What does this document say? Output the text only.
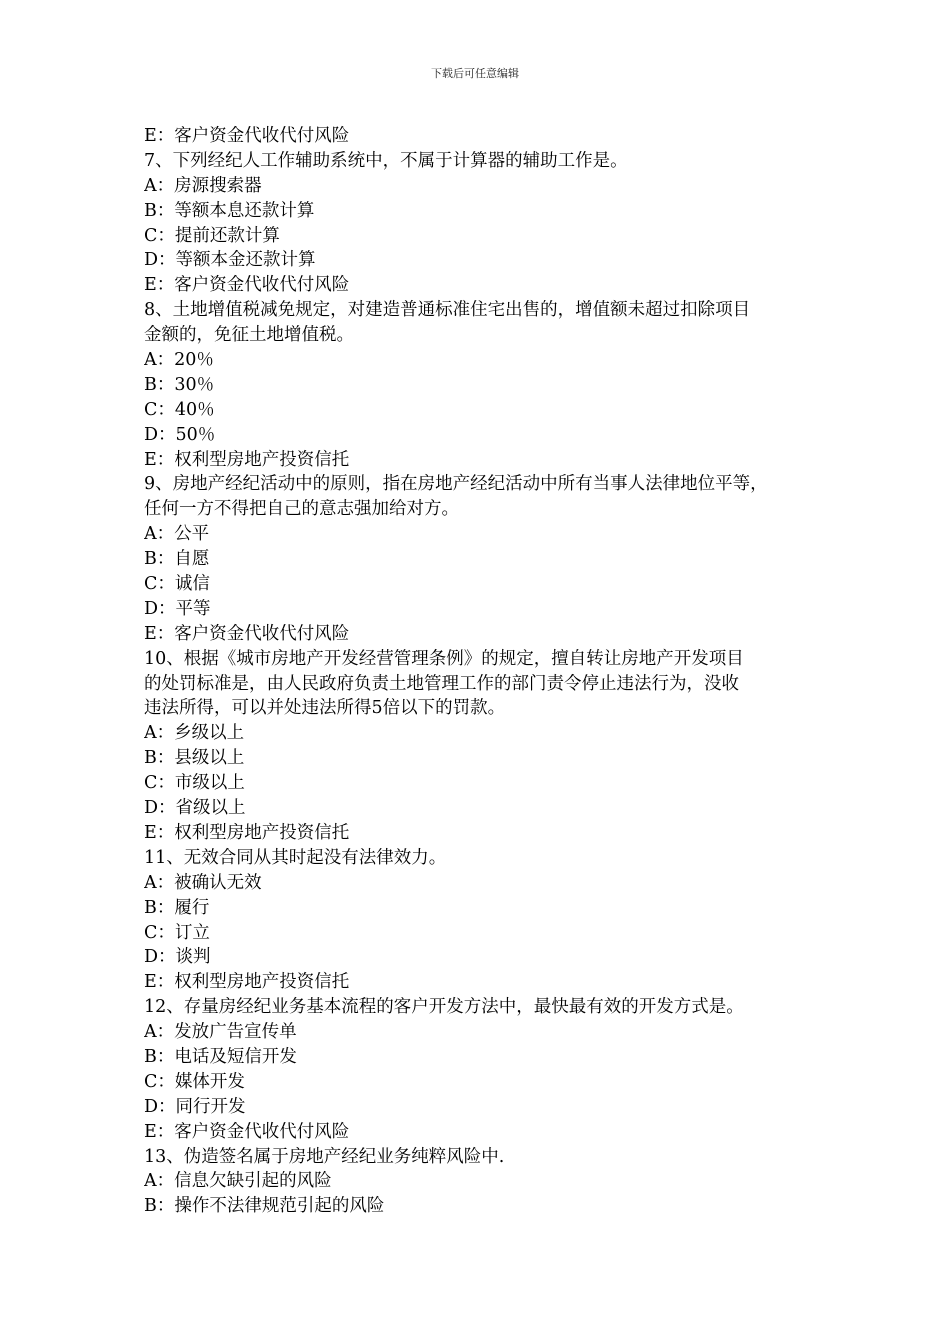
下载后可任意编辑
E：客户资金代收代付风险
7、下列经纪人工作辅助系统中，不属于计算器的辅助工作是。
A：房源搜索器
B：等额本息还款计算
C：提前还款计算
D：等额本金还款计算
E：客户资金代收代付风险
8、土地增值税减免规定，对建造普通标准住宅出售的，增值额未超过扣除项目
金额的，免征土地增值税。
A：20％
B：30％
C：40％
D：50％
E：权利型房地产投资信托
9、房地产经纪活动中的原则，指在房地产经纪活动中所有当事人法律地位平等，
任何一方不得把自己的意志强加给对方。
A：公平
B：自愿
C：诚信
D：平等
E：客户资金代收代付风险
10、根据《城市房地产开发经营管理条例》的规定，擅自转让房地产开发项目
的处罚标准是，由人民政府负责土地管理工作的部门责令停止违法行为，没收
违法所得，可以并处违法所得5倍以下的罚款。
A：乡级以上
B：县级以上
C：市级以上
D：省级以上
E：权利型房地产投资信托
11、无效合同从其时起没有法律效力。
A：被确认无效
B：履行
C：订立
D：谈判
E：权利型房地产投资信托
12、存量房经纪业务基本流程的客户开发方法中，最快最有效的开发方式是。
A：发放广告宣传单
B：电话及短信开发
C：媒体开发
D：同行开发
E：客户资金代收代付风险
13、伪造签名属于房地产经纪业务纯粹风险中.
A：信息欠缺引起的风险
B：操作不法律规范引起的风险
